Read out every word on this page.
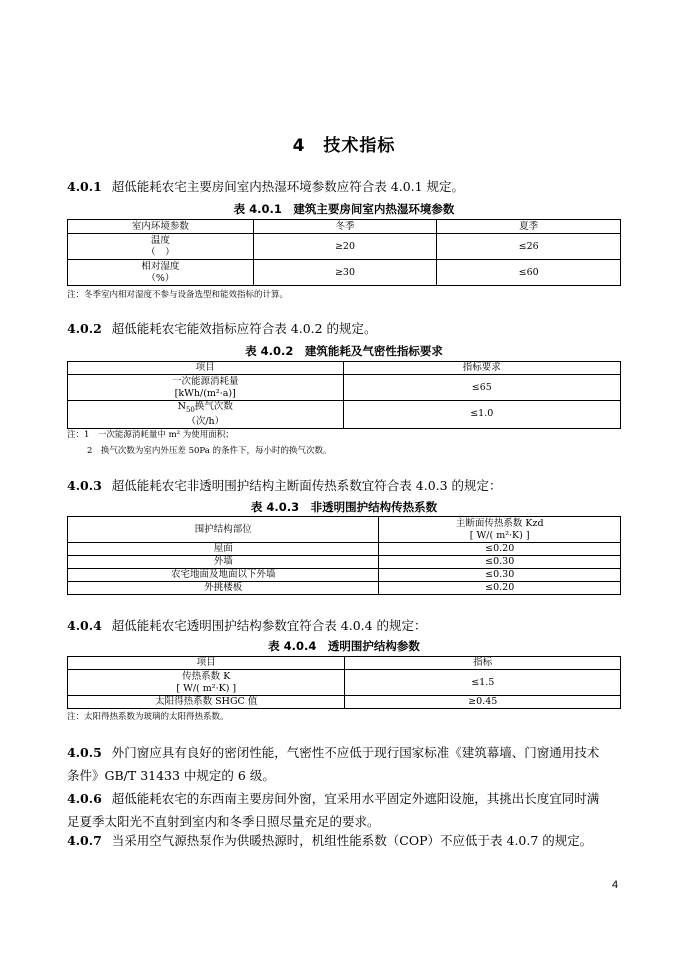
4　技术指标
4.0.1 超低能耗农宅主要房间室内热湿环境参数应符合表 4.0.1 规定。
表 4.0.1　建筑主要房间室内热湿环境参数
室内环境参数	冬季	夏季

温度
（　）	≥20	≤26

相对湿度
（%）	≥30	≤60
注：冬季室内相对湿度不参与设备选型和能效指标的计算。
4.0.2 超低能耗农宅能效指标应符合表 4.0.2 的规定。
表 4.0.2　建筑能耗及气密性指标要求
项目	指标要求

一次能源消耗量
[kWh/(m²·a)]	≤65

$N_{50}$换气次数
（次/h）	≤1.0
注：1　一次能源消耗量中 m² 为使用面积；
2　换气次数为室内外压差 50Pa 的条件下，每小时的换气次数。
4.0.3 超低能耗农宅非透明围护结构主断面传热系数宜符合表 4.0.3 的规定：
表 4.0.3　非透明围护结构传热系数
围护结构部位	主断面传热系数 Kzd
[ W/( m²·K) ]

屋面	≤0.20
外墙	≤0.30
农宅地面及地面以下外墙	≤0.30
外挑楼板	≤0.20
4.0.4 超低能耗农宅透明围护结构参数宜符合表 4.0.4 的规定：
表 4.0.4　透明围护结构参数
项目	指标

传热系数 K
[ W/( m²·K) ]	≤1.5
太阳得热系数 SHGC 值	≥0.45
注：太阳得热系数为玻璃的太阳得热系数。
4.0.5 外门窗应具有良好的密闭性能，气密性不应低于现行国家标准《建筑幕墙、门窗通用技术
条件》GB/T 31433 中规定的 6 级。
4.0.6 超低能耗农宅的东西南主要房间外窗，宜采用水平固定外遮阳设施，其挑出长度宜同时满
足夏季太阳光不直射到室内和冬季日照尽量充足的要求。
4.0.7 当采用空气源热泵作为供暖热源时，机组性能系数（COP）不应低于表 4.0.7 的规定。
4
